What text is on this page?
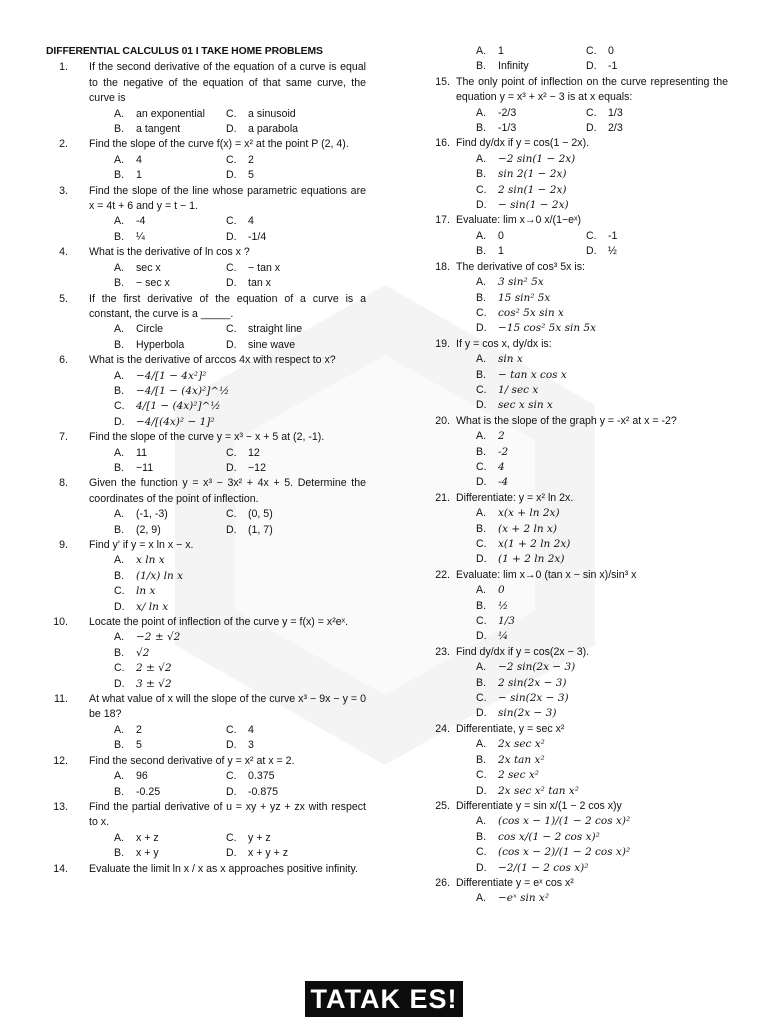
DIFFERENTIAL CALCULUS 01 I TAKE HOME PROBLEMS
1.	If the second derivative of the equation of a curve is equal to the negative of the equation of that same curve, the curve is
A.	an exponential C.	a sinusoid
B.	a tangent	D.	a parabola
2.	Find the slope of the curve f(x) = x² at the point P (2, 4).
A.	4	C.	2
B.	1	D.	5
3.	Find the slope of the line whose parametric equations are x = 4t + 6 and y = t − 1.
A.	-4	C.	4
B.	¼	D.	-1/4
4.	What is the derivative of ln cos x ?
A.	sec x	C.	− tan x
B.	− sec x	D.	tan x
5.	If the first derivative of the equation of a curve is a constant, the curve is a _____.
A.	Circle	C.	straight line
B.	Hyperbola	D.	sine wave
6.	What is the derivative of arccos 4x with respect to x?
A.	−4/[1 − 4x²]²
B.	−4/[1 − (4x)²]^½
C.	4/[1 − (4x)²]^½
D.	−4/[(4x)² − 1]²
7.	Find the slope of the curve y = x³ − x + 5 at (2, -1).
A.	11	C.	12
B.	−11	D.	−12
8.	Given the function y = x³ − 3x² + 4x + 5. Determine the coordinates of the point of inflection.
A.	(-1, -3)	C.	(0, 5)
B.	(2, 9)	D.	(1, 7)
9.	Find y' if y = x ln x − x.
A.	x ln x
B.	(1/x) ln x
C.	ln x
D.	x/ ln x
10.	Locate the point of inflection of the curve y = f(x) = x²eˣ.
A.	−2 ± √2
B.	√2
C.	2 ± √2
D.	3 ± √2
11.	At what value of x will the slope of the curve x³ − 9x − y = 0 be 18?
A.	2	C.	4
B.	5	D.	3
12.	Find the second derivative of y = x² at x = 2.
A.	96	C.	0.375
B.	-0.25	D.	-0.875
13.	Find the partial derivative of u = xy + yz + zx with respect to x.
A.	x + z	C.	y + z
B.	x + y	D.	x + y + z
14.	Evaluate the limit ln x / x as x approaches positive infinity.
A.	1	C.	0
B.	Infinity	D.	-1
15. The only point of inflection on the curve representing the equation y = x³ + x² − 3 is at x equals:
A.	-2/3	C.	1/3
B.	-1/3	D.	2/3
16. Find dy/dx if y = cos(1 − 2x).
A.	−2 sin(1 − 2x)
B.	sin 2(1 − 2x)
C.	2 sin(1 − 2x)
D.	− sin(1 − 2x)
17. Evaluate: lim x→0 x/(1−eˣ)
A.	0	C.	-1
B.	1	D.	½
18. The derivative of cos³ 5x is:
A.	3 sin² 5x
B.	15 sin² 5x
C.	cos² 5x sin x
D.	−15 cos² 5x sin 5x
19. If y = cos x, dy/dx is:
A.	sin x
B.	− tan x cos x
C.	1/ sec x
D.	sec x sin x
20. What is the slope of the graph y = -x² at x = -2?
A.	2
B.	-2
C.	4
D.	-4
21. Differentiate: y = x² ln 2x.
A.	x(x + ln 2x)
B.	(x + 2 ln x)
C.	x(1 + 2 ln 2x)
D.	(1 + 2 ln 2x)
22. Evaluate: lim x→0 (tan x − sin x)/sin³ x
A.	0
B.	½
C.	1/3
D.	¼
23. Find dy/dx if y = cos(2x − 3).
A.	−2 sin(2x − 3)
B.	2 sin(2x − 3)
C.	− sin(2x − 3)
D.	sin(2x − 3)
24. Differentiate, y = sec x²
A.	2x sec x²
B.	2x tan x²
C.	2 sec x²
D.	2x sec x² tan x²
25. Differentiate y = sin x/(1 − 2 cos x)y
A.	(cos x − 1)/(1 − 2 cos x)²
B.	cos x/(1 − 2 cos x)²
C.	(cos x − 2)/(1 − 2 cos x)²
D.	−2/(1 − 2 cos x)²
26. Differentiate y = eˣ cos x²
A.	−eˣ sin x²
TATAK ES!
